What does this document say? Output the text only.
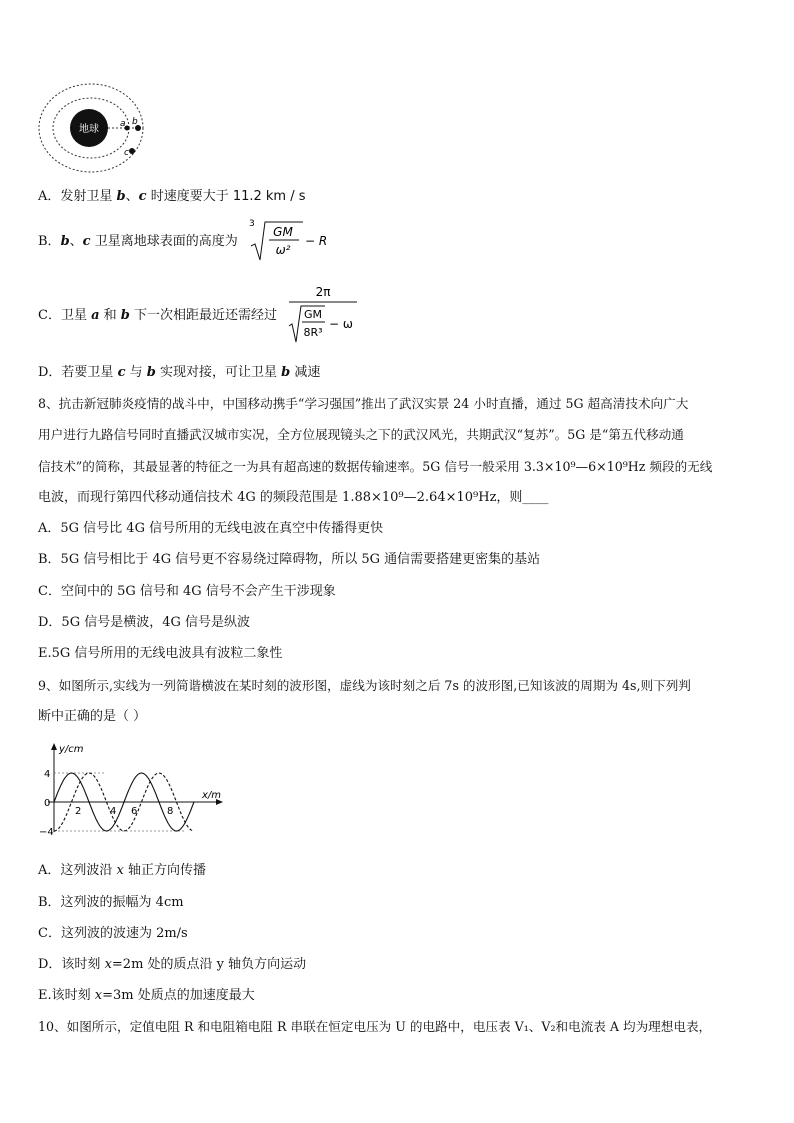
地球 a b
c
A．发射卫星 b、c 时速度要大于 11.2 km / s
B．b、c 卫星离地球表面的高度为
3
GM
ω²
− R
C．卫星 a 和 b 下一次相距最近还需经过
2π
GM
8R³
− ω
D．若要卫星 c 与 b 实现对接，可让卫星 b 减速
8、抗击新冠肺炎疫情的战斗中，中国移动携手“学习强国”推出了武汉实景 24 小时直播，通过 5G 超高清技术向广大
用户进行九路信号同时直播武汉城市实况，全方位展现镜头之下的武汉风光，共期武汉“复苏”。5G 是“第五代移动通
信技术”的简称，其最显著的特征之一为具有超高速的数据传输速率。5G 信号一般采用 3.3×10⁹—6×10⁹Hz 频段的无线
电波，而现行第四代移动通信技术 4G 的频段范围是 1.88×10⁹—2.64×10⁹Hz，则____
A．5G 信号比 4G 信号所用的无线电波在真空中传播得更快
B．5G 信号相比于 4G 信号更不容易绕过障碍物，所以 5G 通信需要搭建更密集的基站
C．空间中的 5G 信号和 4G 信号不会产生干涉现象
D．5G 信号是横波，4G 信号是纵波
E.5G 信号所用的无线电波具有波粒二象性
9、如图所示,实线为一列简谐横波在某时刻的波形图，虚线为该时刻之后 7s 的波形图,已知该波的周期为 4s,则下列判
断中正确的是（ ）
y/cm
x/m
4
0
−4
2	4 6	8
A．这列波沿 x 轴正方向传播
B．这列波的振幅为 4cm
C．这列波的波速为 2m/s
D．该时刻 x=2m 处的质点沿 y 轴负方向运动
E.该时刻 x=3m 处质点的加速度最大
10、如图所示，定值电阻 R 和电阻箱电阻 R 串联在恒定电压为 U 的电路中，电压表 V₁、V₂和电流表 A 均为理想电表，
